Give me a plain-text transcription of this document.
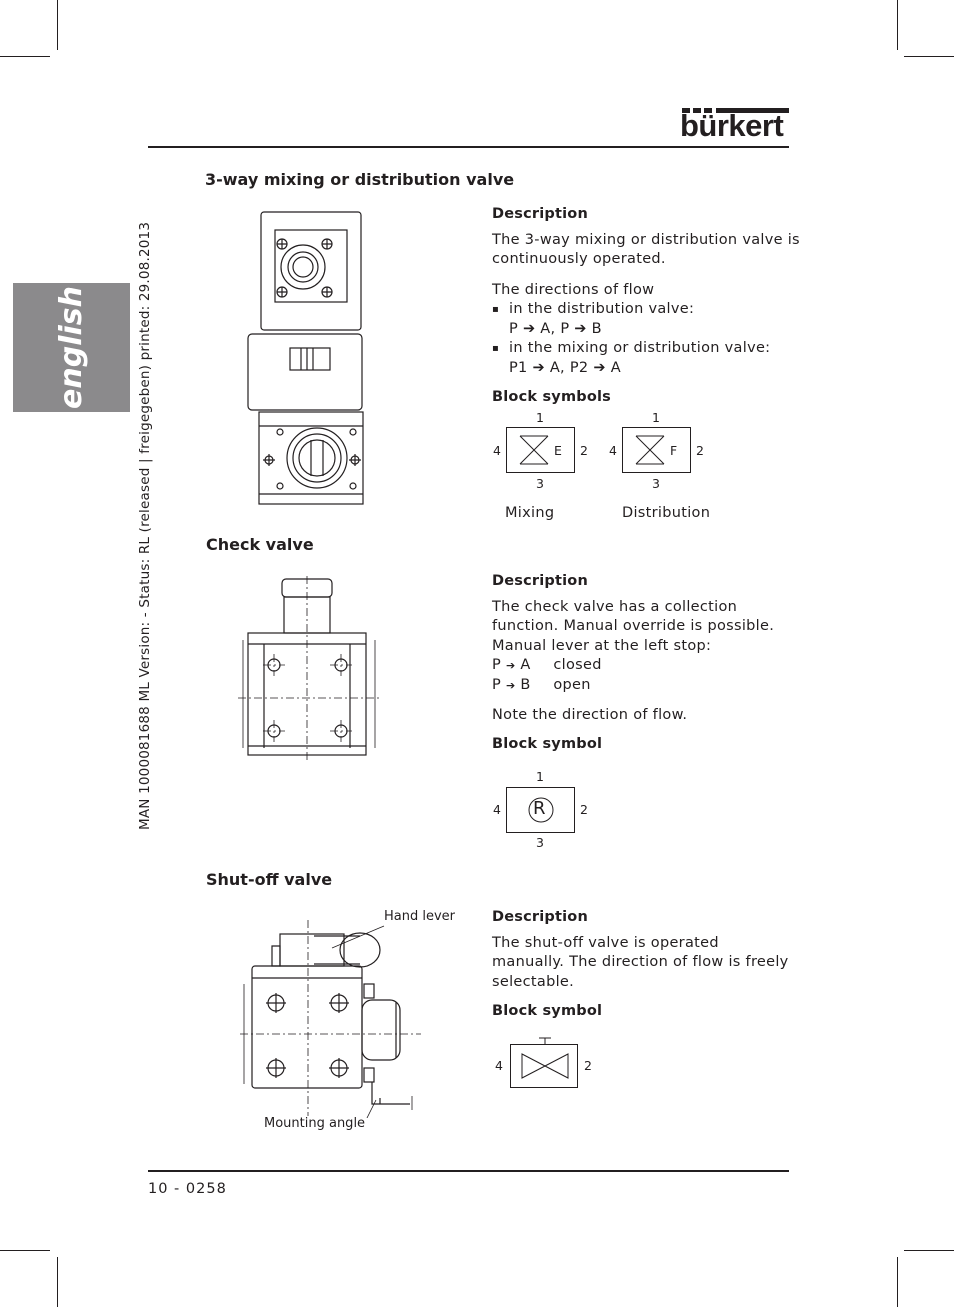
bürkert
english	MAN 1000081688 ML Version: - Status: RL (released | freigegeben) printed: 29.08.2013
3-way mixing or distribution valve
Description
The 3-way mixing or distribution valve is
continuously operated.
The directions of flow
▪ in the distribution valve:
P ➔ A, P ➔ B
▪ in the mixing or distribution valve:
P1 ➔ A, P2 ➔ A
Block symbols
1
4	2
3
E
Mixing
1
4	2
3
F
Distribution
Check valve
Description
The check valve has a collection
function. Manual override is possible.
Manual lever at the left stop:
P ➔ A closed
P ➔ B open
Note the direction of flow.
Block symbol
1
4	2
3
R
Shut-off valve
Hand lever
Mounting angle
Description
The shut-off valve is operated
manually. The direction of flow is freely
selectable.
Block symbol
4	2
10 - 0258
